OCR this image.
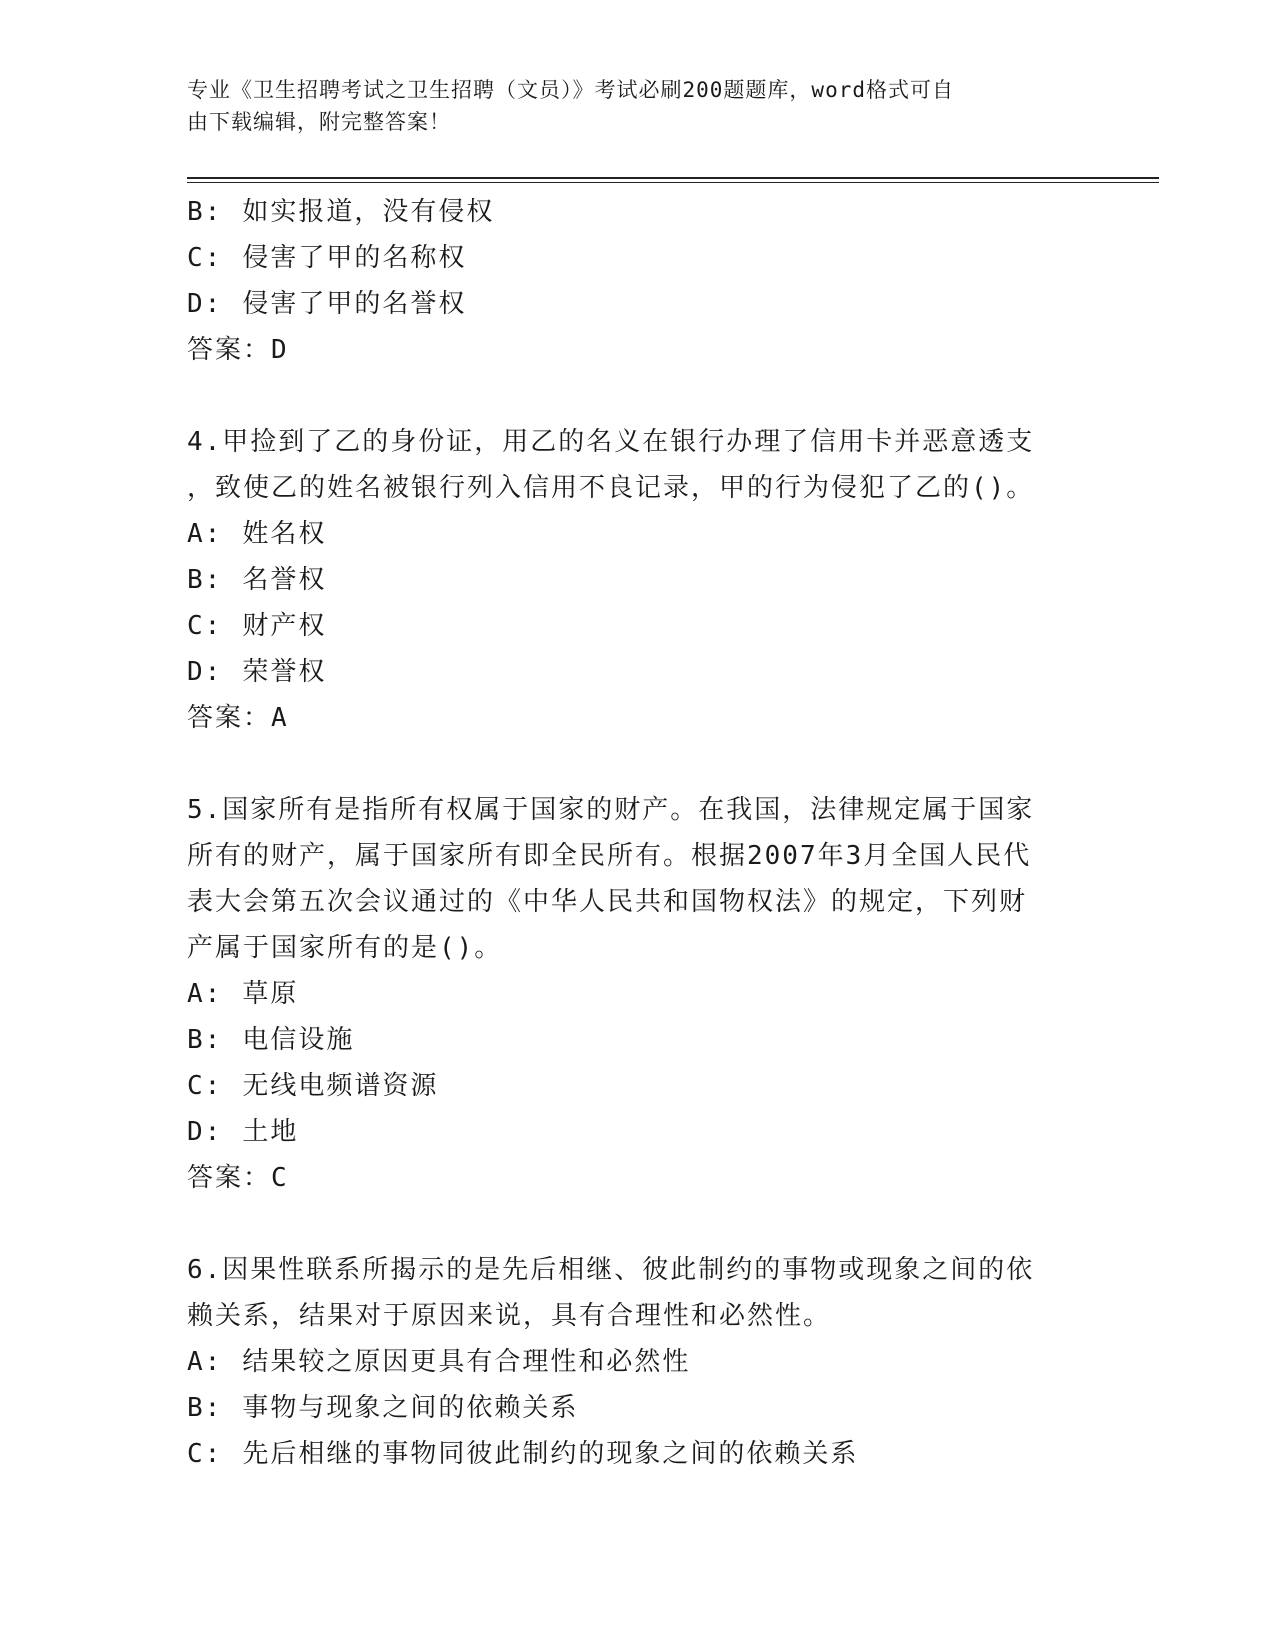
专业《卫生招聘考试之卫生招聘（文员）》考试必刷200题题库，word格式可自
由下载编辑，附完整答案！
B: 如实报道，没有侵权
C: 侵害了甲的名称权
D: 侵害了甲的名誉权
答案：D
4.甲捡到了乙的身份证，用乙的名义在银行办理了信用卡并恶意透支
，致使乙的姓名被银行列入信用不良记录，甲的行为侵犯了乙的()。
A: 姓名权
B: 名誉权
C: 财产权
D: 荣誉权
答案：A
5.国家所有是指所有权属于国家的财产。在我国，法律规定属于国家
所有的财产，属于国家所有即全民所有。根据2007年3月全国人民代
表大会第五次会议通过的《中华人民共和国物权法》的规定，下列财
产属于国家所有的是()。
A: 草原
B: 电信设施
C: 无线电频谱资源
D: 土地
答案：C
6.因果性联系所揭示的是先后相继、彼此制约的事物或现象之间的依
赖关系，结果对于原因来说，具有合理性和必然性。
A: 结果较之原因更具有合理性和必然性
B: 事物与现象之间的依赖关系
C: 先后相继的事物同彼此制约的现象之间的依赖关系
